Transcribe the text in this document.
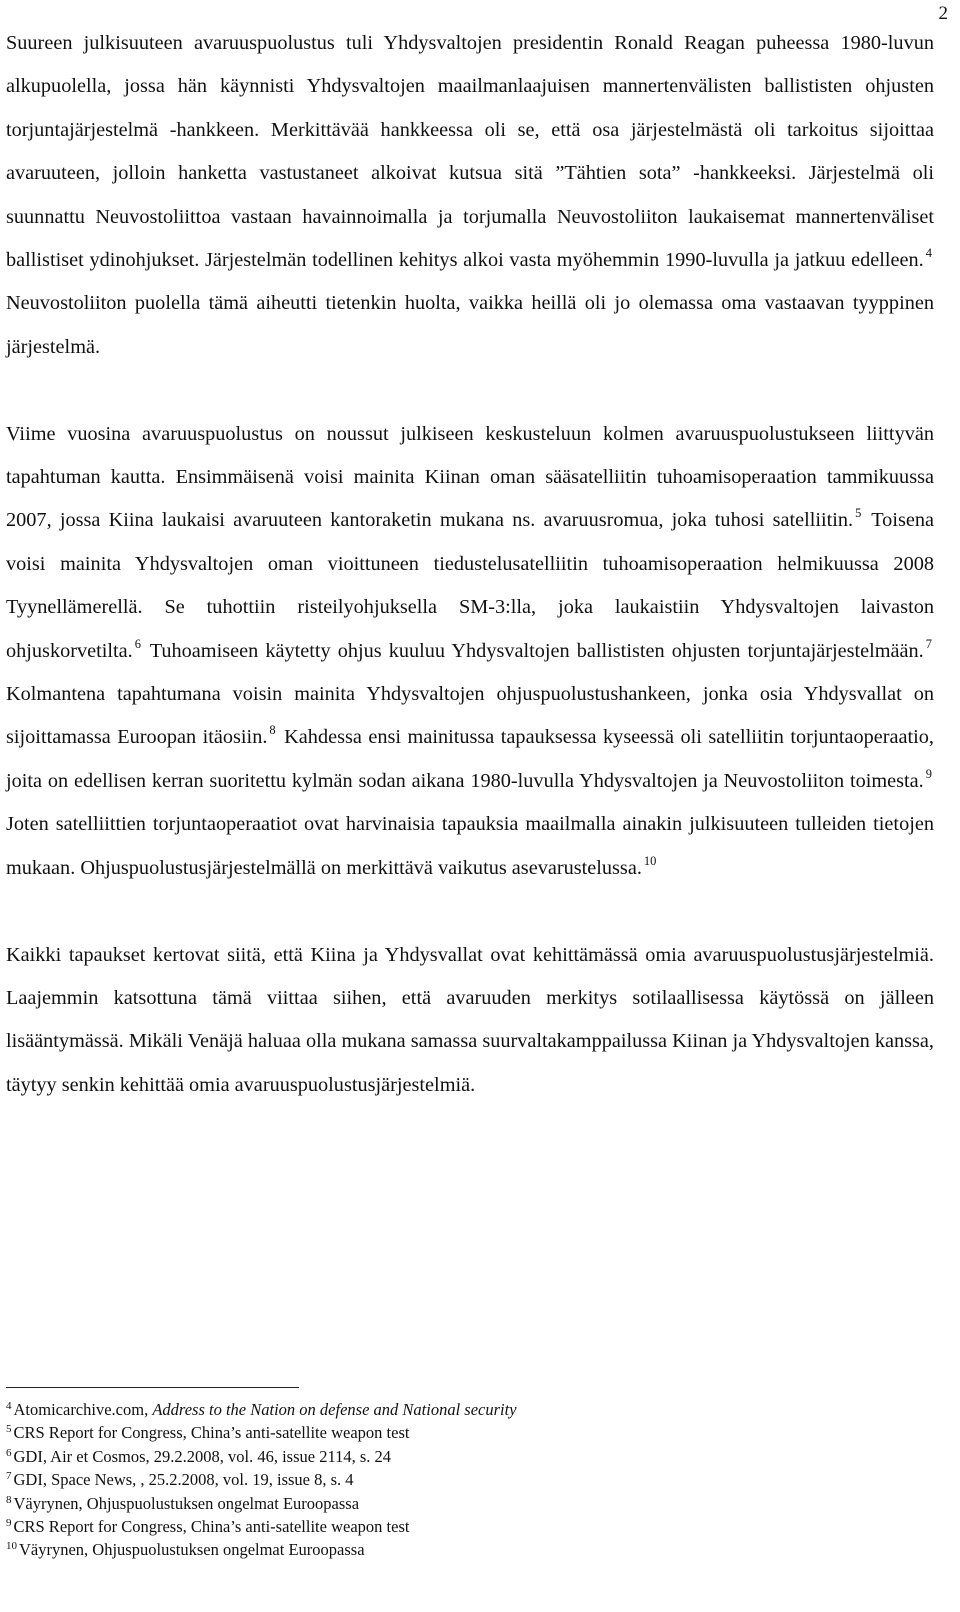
2

Suureen julkisuuteen avaruuspuolustus tuli Yhdysvaltojen presidentin Ronald Reagan puheessa 1980-luvun alkupuolella, jossa hän käynnisti Yhdysvaltojen maailmanlaajuisen mannertenvälisten ballististen ohjusten torjuntajärjestelmä -hankkeen. Merkittävää hankkeessa oli se, että osa järjestelmästä oli tarkoitus sijoittaa avaruuteen, jolloin hanketta vastustaneet alkoivat kutsua sitä ”Tähtien sota” -hankkeeksi. Järjestelmä oli suunnattu Neuvostoliittoa vastaan havainnoimalla ja torjumalla Neuvostoliiton laukaisemat mannertenväliset ballistiset ydinohjukset. Järjestelmän todellinen kehitys alkoi vasta myöhemmin 1990-luvulla ja jatkuu edelleen. $^4$ Neuvostoliiton puolella tämä aiheutti tietenkin huolta, vaikka heillä oli jo olemassa oma vastaavan tyyppinen järjestelmä.

Viime vuosina avaruuspuolustus on noussut julkiseen keskusteluun kolmen avaruuspuolustukseen liittyvän tapahtuman kautta. Ensimmäisenä voisi mainita Kiinan oman sääsatelliitin tuhoamisoperaation tammikuussa 2007, jossa Kiina laukaisi avaruuteen kantoraketin mukana ns. avaruusromua, joka tuhosi satelliitin. $^5$ Toisena voisi mainita Yhdysvaltojen oman vioittuneen tiedustelusatelliitin tuhoamisoperaation helmikuussa 2008 Tyynellämerellä. Se tuhottiin risteilyohjuksella SM-3:lla, joka laukaistiin Yhdysvaltojen laivaston ohjuskorvetilta. $^6$ Tuhoamiseen käytetty ohjus kuuluu Yhdysvaltojen ballististen ohjusten torjuntajärjestelmään. $^7$ Kolmantena tapahtumana voisin mainita Yhdysvaltojen ohjuspuolustushankeen, jonka osia Yhdysvallat on sijoittamassa Euroopan itäosiin. $^8$ Kahdessa ensi mainitussa tapauksessa kyseessä oli satelliitin torjuntaoperaatio, joita on edellisen kerran suoritettu kylmän sodan aikana 1980-luvulla Yhdysvaltojen ja Neuvostoliiton toimesta. $^9$ Joten satelliittien torjuntaoperaatiot ovat harvinaisia tapauksia maailmalla ainakin julkisuuteen tulleiden tietojen mukaan. Ohjuspuolustusjärjestelmällä on merkittävä vaikutus asevarustelussa. $^{10}$

Kaikki tapaukset kertovat siitä, että Kiina ja Yhdysvallat ovat kehittämässä omia avaruuspuolustusjärjestelmiä. Laajemmin katsottuna tämä viittaa siihen, että avaruuden merkitys sotilaallisessa käytössä on jälleen lisääntymässä. Mikäli Venäjä haluaa olla mukana samassa suurvaltakamppailussa Kiinan ja Yhdysvaltojen kanssa, täytyy senkin kehittää omia avaruuspuolustusjärjestelmiä.

$^4$ Atomicarchive.com, Address to the Nation on defense and National security
$^5$ CRS Report for Congress, China’s anti-satellite weapon test
$^6$ GDI, Air et Cosmos, 29.2.2008, vol. 46, issue 2114, s. 24
$^7$ GDI, Space News, , 25.2.2008, vol. 19, issue 8, s. 4
$^8$ Väyrynen, Ohjuspuolustuksen ongelmat Euroopassa
$^9$ CRS Report for Congress, China’s anti-satellite weapon test
$^{10}$ Väyrynen, Ohjuspuolustuksen ongelmat Euroopassa
